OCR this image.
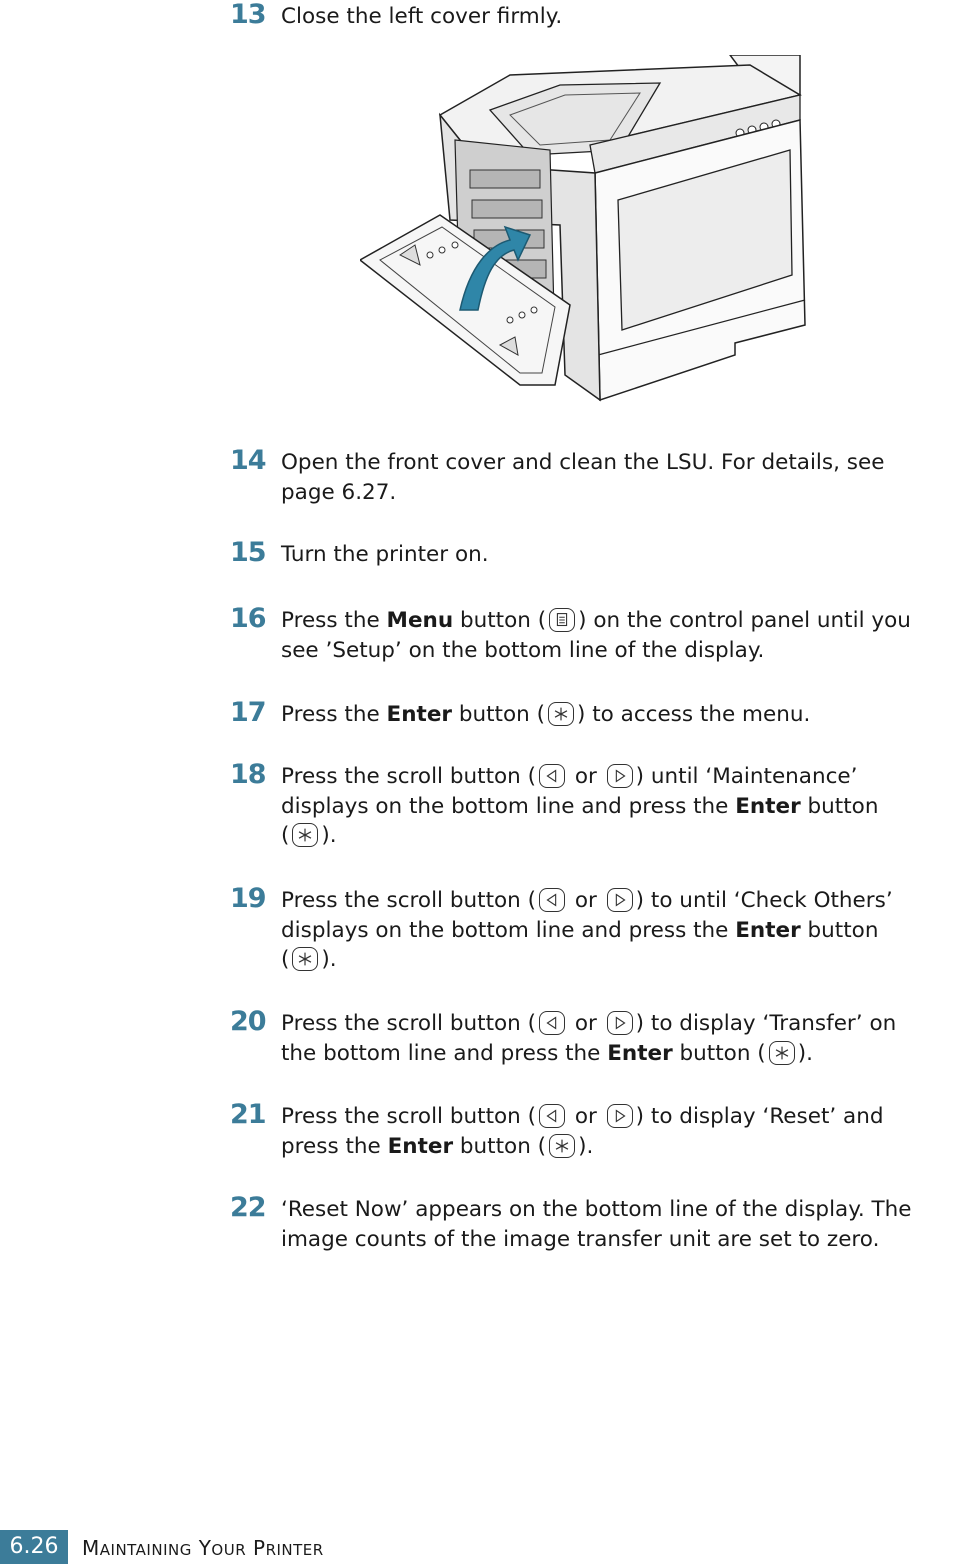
13 Close the left cover firmly.
14 Open the front cover and clean the LSU. For details, see
page 6.27.
15 Turn the printer on.
16 Press the Menu button ( ) on the control panel until you
see ’Setup’ on the bottom line of the display.
17 Press the Enter button ( ) to access the menu.
18 Press the scroll button (
or
) until ‘Maintenance’
displays on the bottom line and press the Enter button
( ).
19 Press the scroll button (
or
) to until ‘Check Others’
displays on the bottom line and press the Enter button
( ).
20 Press the scroll button (
or
) to display ‘Transfer’ on
the bottom line and press the Enter button ( ).
21 Press the scroll button (
or
) to display ‘Reset’ and
press the Enter button ( ).
22 ‘Reset Now’ appears on the bottom line of the display. The
image counts of the image transfer unit are set to zero.
6.26	MAINTAINING YOUR PRINTER
